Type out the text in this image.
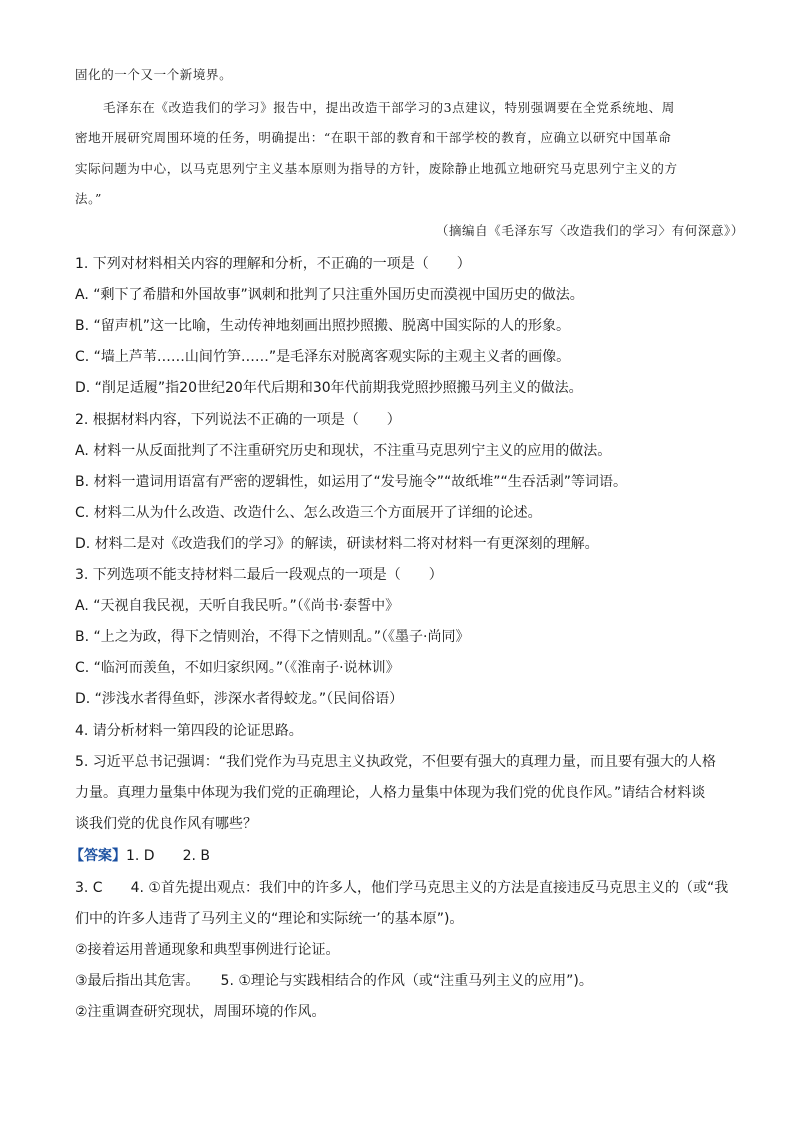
固化的一个又一个新境界。
毛泽东在《改造我们的学习》报告中，提出改造干部学习的3点建议，特别强调要在全党系统地、周
密地开展研究周围环境的任务，明确提出：“在职干部的教育和干部学校的教育，应确立以研究中国革命
实际问题为中心，以马克思列宁主义基本原则为指导的方针，废除静止地孤立地研究马克思列宁主义的方
法。”
（摘编自《毛泽东写〈改造我们的学习〉有何深意》）
1. 下列对材料相关内容的理解和分析，不正确的一项是（　　）
A. “剩下了希腊和外国故事”讽刺和批判了只注重外国历史而漠视中国历史的做法。
B. “留声机”这一比喻，生动传神地刻画出照抄照搬、脱离中国实际的人的形象。
C. “墙上芦苇……山间竹笋……”是毛泽东对脱离客观实际的主观主义者的画像。
D. “削足适履”指20世纪20年代后期和30年代前期我党照抄照搬马列主义的做法。
2. 根据材料内容，下列说法不正确的一项是（　　）
A. 材料一从反面批判了不注重研究历史和现状，不注重马克思列宁主义的应用的做法。
B. 材料一遣词用语富有严密的逻辑性，如运用了“发号施令”“故纸堆”“生吞活剥”等词语。
C. 材料二从为什么改造、改造什么、怎么改造三个方面展开了详细的论述。
D. 材料二是对《改造我们的学习》的解读，研读材料二将对材料一有更深刻的理解。
3. 下列选项不能支持材料二最后一段观点的一项是（　　）
A. “天视自我民视，天听自我民听。”（《尚书·泰誓中》
B. “上之为政，得下之情则治，不得下之情则乱。”（《墨子·尚同》
C. “临河而羡鱼，不如归家织网。”（《淮南子·说林训》
D. “涉浅水者得鱼虾，涉深水者得蛟龙。”（民间俗语）
4. 请分析材料一第四段的论证思路。
5. 习近平总书记强调：“我们党作为马克思主义执政党，不但要有强大的真理力量，而且要有强大的人格
力量。真理力量集中体现为我们党的正确理论，人格力量集中体现为我们党的优良作风。”请结合材料谈
谈我们党的优良作风有哪些？
【答案】1. D　　2. B
3. C　　4. ①首先提出观点：我们中的许多人，他们学马克思主义的方法是直接违反马克思主义的（或“我
们中的许多人违背了马列主义的“理论和实际统一’的基本原”)。
②接着运用普通现象和典型事例进行论证。
③最后指出其危害。　　5. ①理论与实践相结合的作风（或“注重马列主义的应用”)。
②注重调查研究现状，周围环境的作风。
